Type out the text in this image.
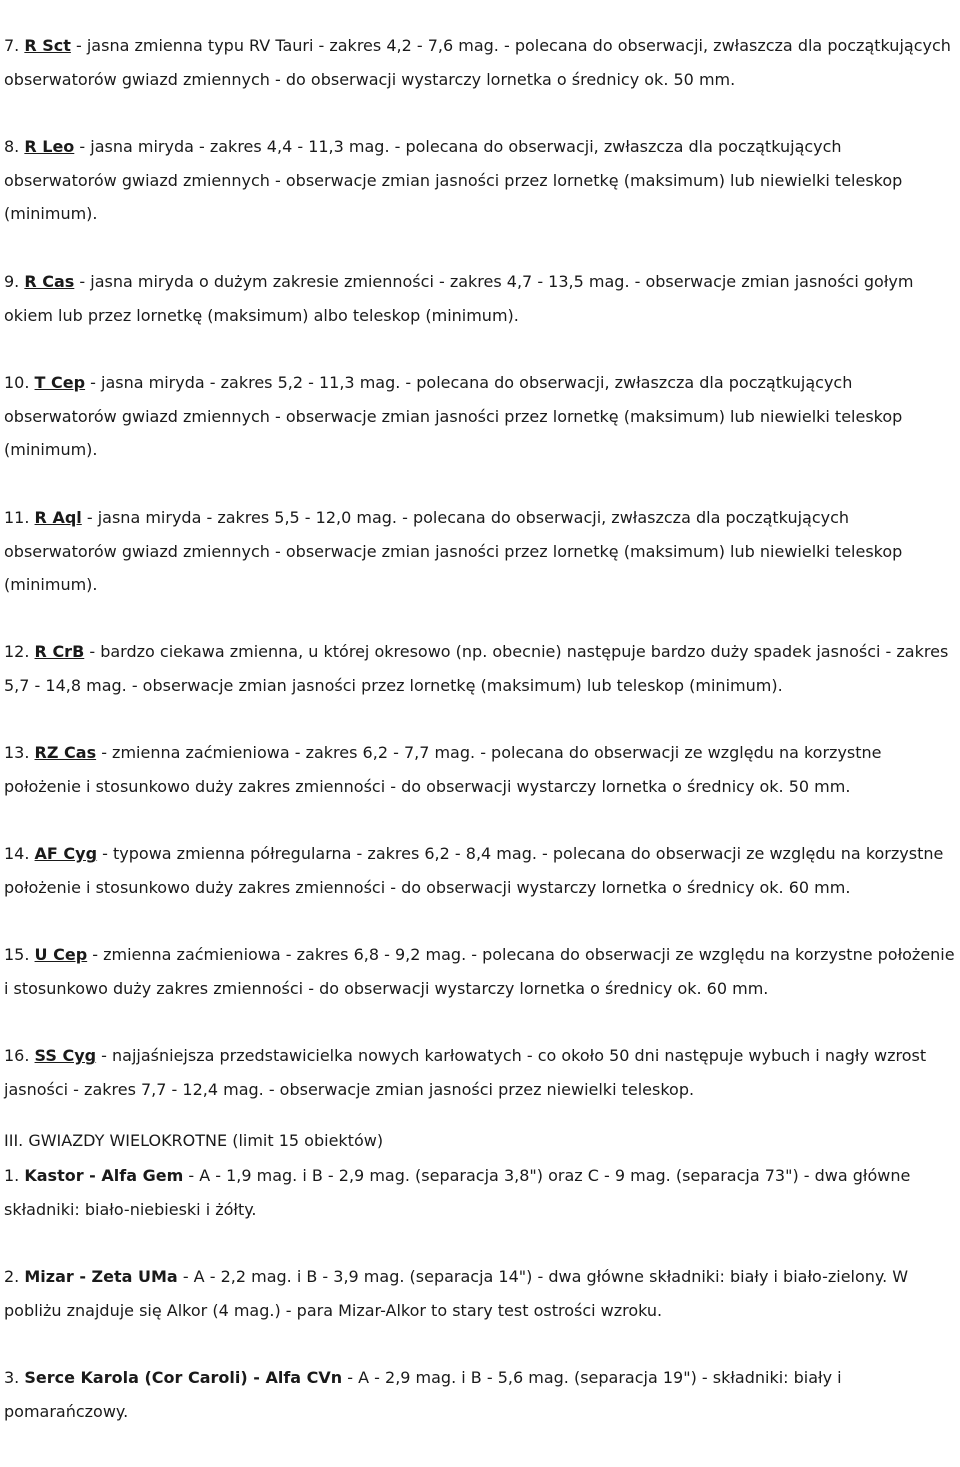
7. R Sct - jasna zmienna typu RV Tauri - zakres 4,2 - 7,6 mag. - polecana do obserwacji, zwłaszcza dla początkujących obserwatorów gwiazd zmiennych - do obserwacji wystarczy lornetka o średnicy ok. 50 mm.

8. R Leo - jasna miryda - zakres 4,4 - 11,3 mag. - polecana do obserwacji, zwłaszcza dla początkujących obserwatorów gwiazd zmiennych - obserwacje zmian jasności przez lornetkę (maksimum) lub niewielki teleskop (minimum).

9. R Cas - jasna miryda o dużym zakresie zmienności - zakres 4,7 - 13,5 mag. - obserwacje zmian jasności gołym okiem lub przez lornetkę (maksimum) albo teleskop (minimum).

10. T Cep - jasna miryda - zakres 5,2 - 11,3 mag. - polecana do obserwacji, zwłaszcza dla początkujących obserwatorów gwiazd zmiennych - obserwacje zmian jasności przez lornetkę (maksimum) lub niewielki teleskop (minimum).

11. R Aql - jasna miryda - zakres 5,5 - 12,0 mag. - polecana do obserwacji, zwłaszcza dla początkujących obserwatorów gwiazd zmiennych - obserwacje zmian jasności przez lornetkę (maksimum) lub niewielki teleskop (minimum).

12. R CrB - bardzo ciekawa zmienna, u której okresowo (np. obecnie) następuje bardzo duży spadek jasności - zakres 5,7 - 14,8 mag. - obserwacje zmian jasności przez lornetkę (maksimum) lub teleskop (minimum).

13. RZ Cas - zmienna zaćmieniowa - zakres 6,2 - 7,7 mag. - polecana do obserwacji ze względu na korzystne położenie i stosunkowo duży zakres zmienności - do obserwacji wystarczy lornetka o średnicy ok. 50 mm.

14. AF Cyg - typowa zmienna półregularna - zakres 6,2 - 8,4 mag. - polecana do obserwacji ze względu na korzystne położenie i stosunkowo duży zakres zmienności - do obserwacji wystarczy lornetka o średnicy ok. 60 mm.

15. U Cep - zmienna zaćmieniowa - zakres 6,8 - 9,2 mag. - polecana do obserwacji ze względu na korzystne położenie i stosunkowo duży zakres zmienności - do obserwacji wystarczy lornetka o średnicy ok. 60 mm.

16. SS Cyg - najjaśniejsza przedstawicielka nowych karłowatych - co około 50 dni następuje wybuch i nagły wzrost jasności - zakres 7,7 - 12,4 mag. - obserwacje zmian jasności przez niewielki teleskop.

III. GWIAZDY WIELOKROTNE (limit 15 obiektów)

1. Kastor - Alfa Gem - A - 1,9 mag. i B - 2,9 mag. (separacja 3,8") oraz C - 9 mag. (separacja 73") - dwa główne składniki: biało-niebieski i żółty.

2. Mizar - Zeta UMa - A - 2,2 mag. i B - 3,9 mag. (separacja 14") - dwa główne składniki: biały i biało-zielony. W pobliżu znajduje się Alkor (4 mag.) - para Mizar-Alkor to stary test ostrości wzroku.

3. Serce Karola (Cor Caroli) - Alfa CVn - A - 2,9 mag. i B - 5,6 mag. (separacja 19") - składniki: biały i pomarańczowy.
